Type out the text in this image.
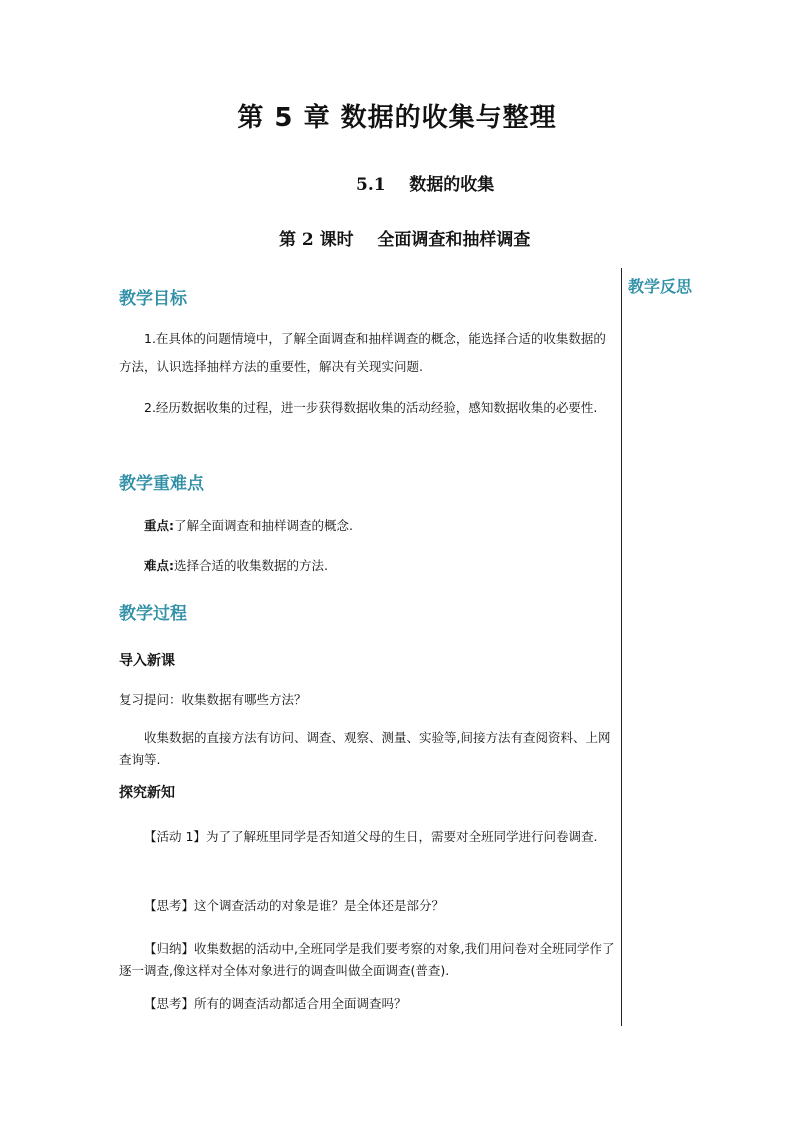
第 5 章 数据的收集与整理
5.1    数据的收集
第 2 课时    全面调查和抽样调查
教学反思
教学目标

1.在具体的问题情境中，了解全面调查和抽样调查的概念，能选择合适的收集数据的方法，认识选择抽样方法的重要性，解决有关现实问题.

2.经历数据收集的过程，进一步获得数据收集的活动经验，感知数据收集的必要性.

教学重难点

重点:了解全面调查和抽样调查的概念.

难点:选择合适的收集数据的方法.

教学过程
导入新课

复习提问：收集数据有哪些方法？

收集数据的直接方法有访问、调查、观察、测量、实验等,间接方法有查阅资料、上网查询等.

探究新知

【活动 1】为了了解班里同学是否知道父母的生日，需要对全班同学进行问卷调查.

【思考】这个调查活动的对象是谁？是全体还是部分？

【归纳】收集数据的活动中,全班同学是我们要考察的对象,我们用问卷对全班同学作了逐一调查,像这样对全体对象进行的调查叫做全面调查(普查).

【思考】所有的调查活动都适合用全面调查吗？
